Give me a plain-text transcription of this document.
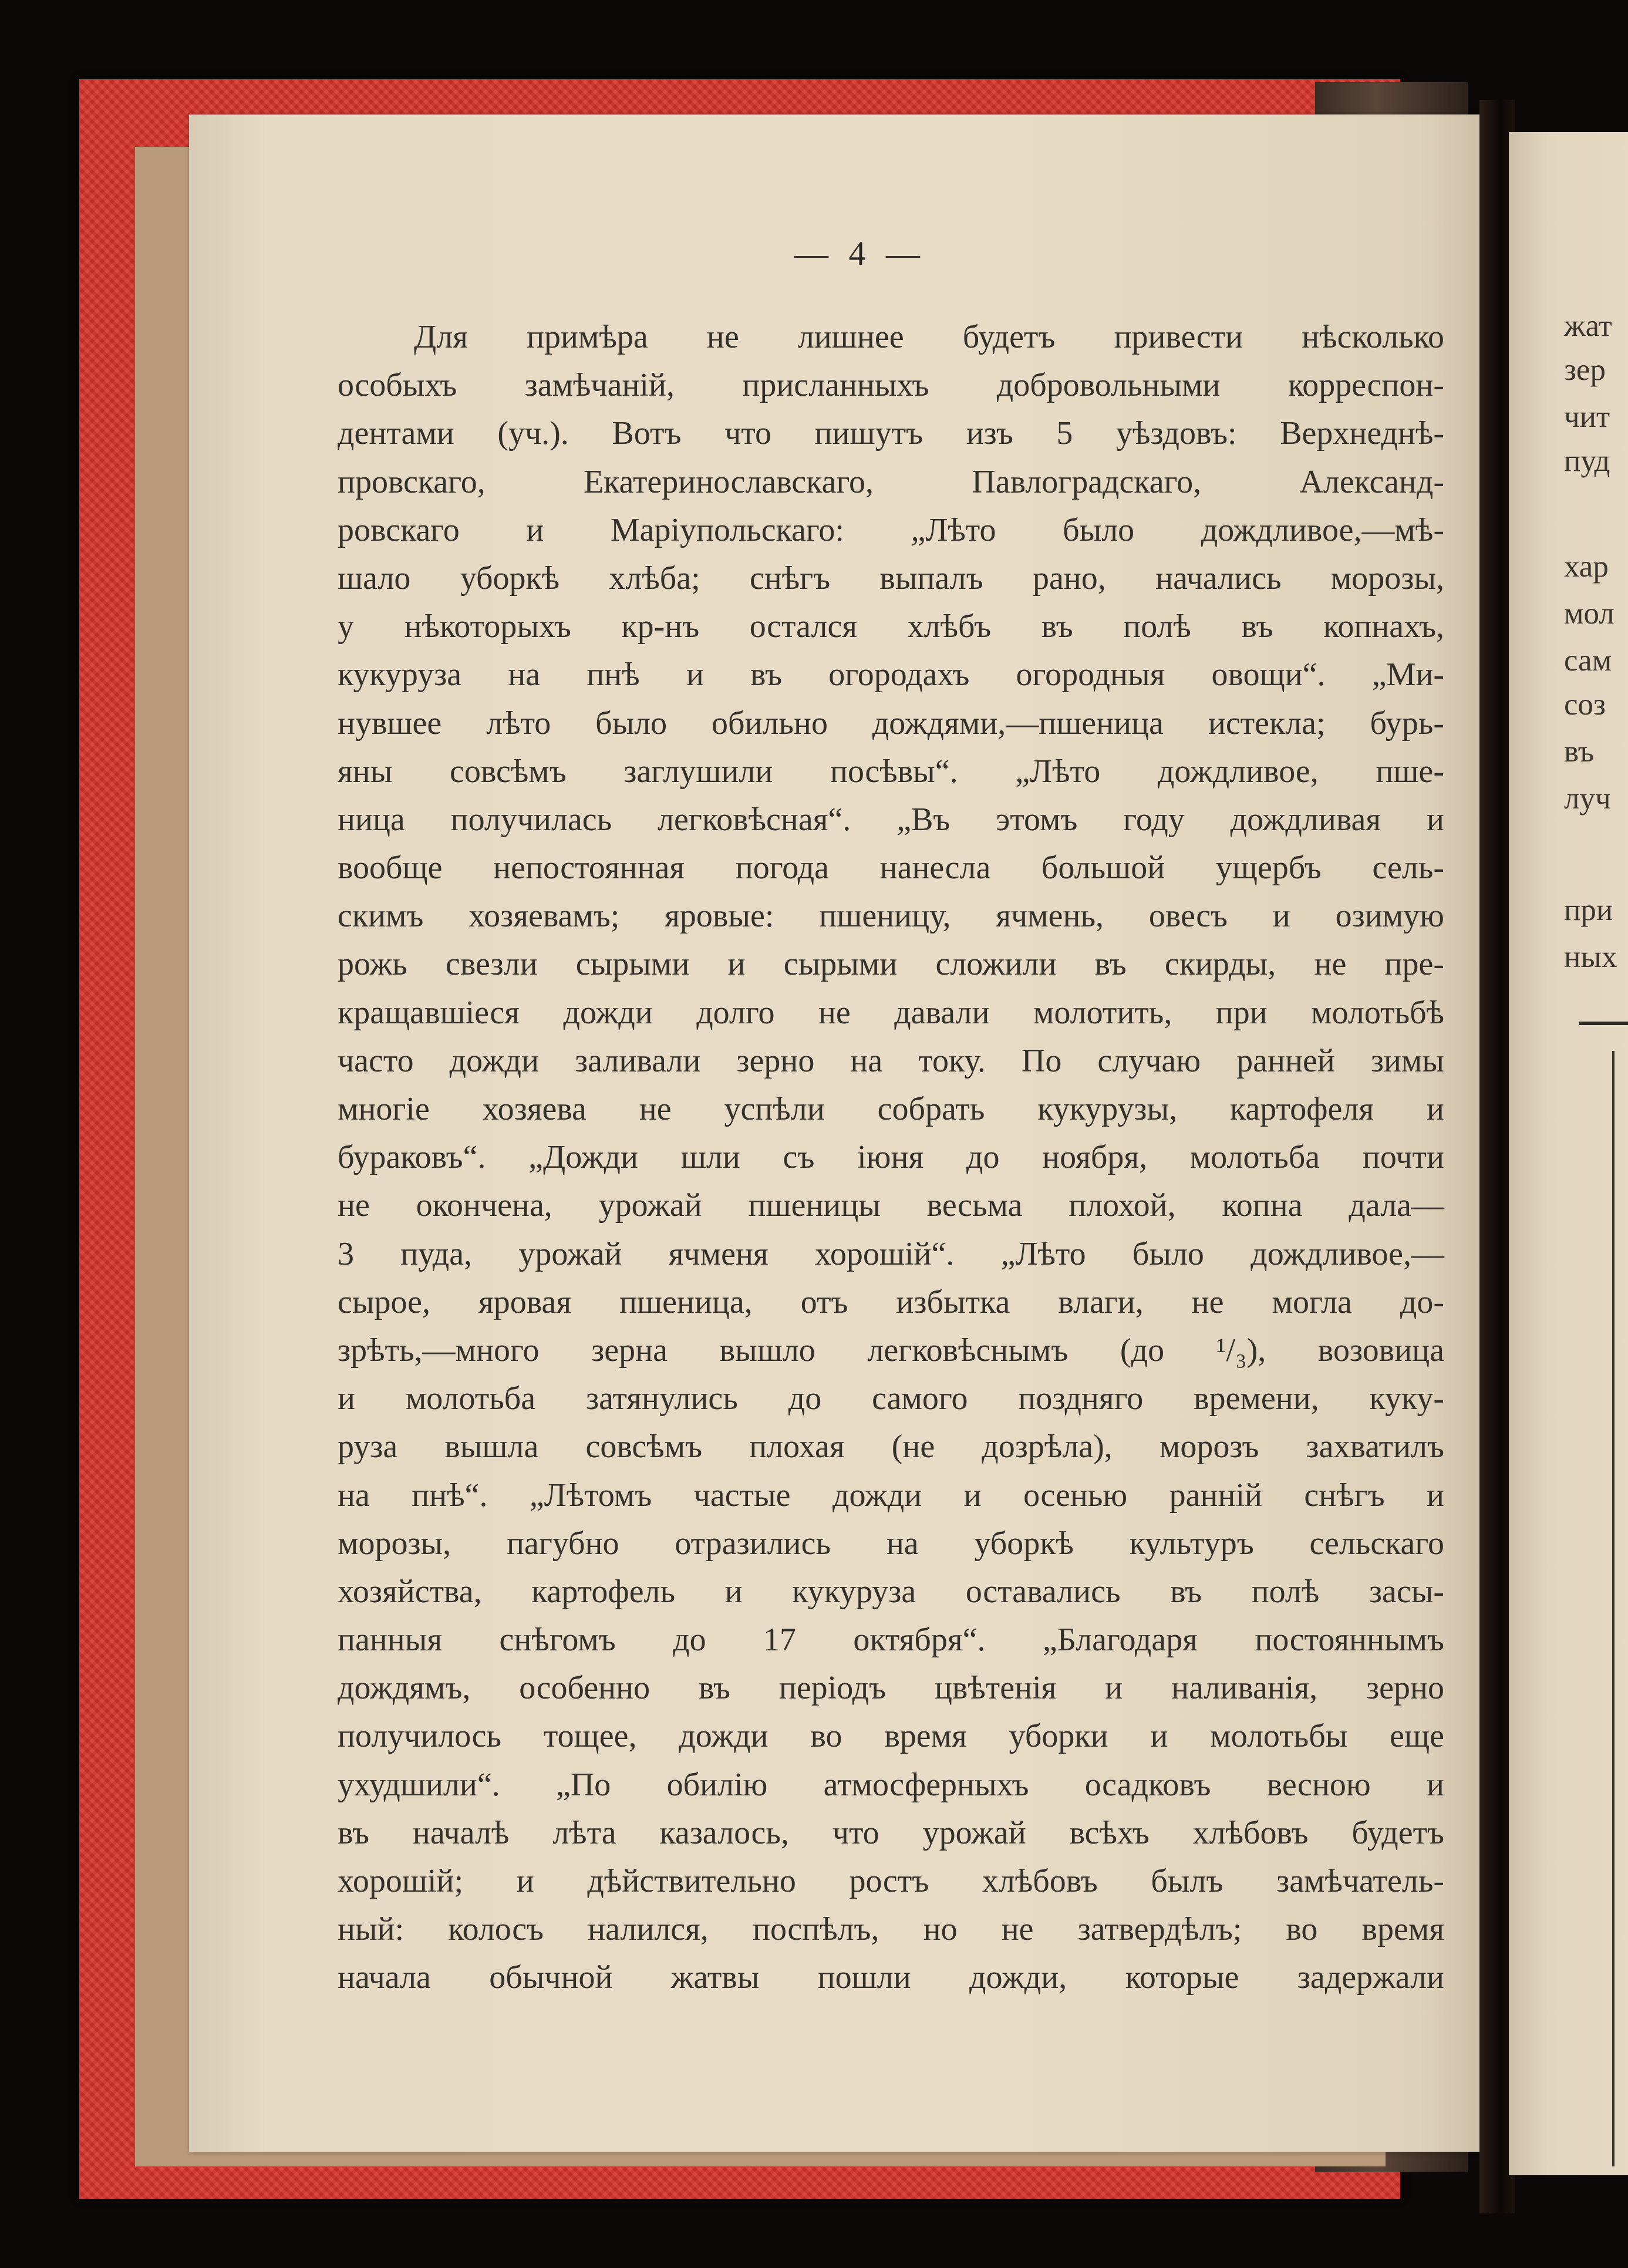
— 4 —
Для примѣра не лишнее будетъ привести нѣсколько
особыхъ замѣчаній, присланныхъ добровольными корреспон-
дентами (уч.). Вотъ что пишутъ изъ 5 уѣздовъ: Верхнеднѣ-
провскаго, Екатеринославскаго, Павлоградскаго, Александ-
ровскаго и Маріупольскаго: „Лѣто было дождливое,—мѣ-
шало уборкѣ хлѣба; снѣгъ выпалъ рано, начались морозы,
у нѣкоторыхъ кр-нъ остался хлѣбъ въ полѣ въ копнахъ,
кукуруза на пнѣ и въ огородахъ огородныя овощи“. „Ми-
нувшее лѣто было обильно дождями,—пшеница истекла; бурь-
яны совсѣмъ заглушили посѣвы“. „Лѣто дождливое, пше-
ница получилась легковѣсная“. „Въ этомъ году дождливая и
вообще непостоянная погода нанесла большой ущербъ сель-
скимъ хозяевамъ; яровые: пшеницу, ячмень, овесъ и озимую
рожь свезли сырыми и сырыми сложили въ скирды, не пре-
кращавшіеся дожди долго не давали молотить, при молотьбѣ
часто дожди заливали зерно на току. По случаю ранней зимы
многіе хозяева не успѣли собрать кукурузы, картофеля и
бураковъ“. „Дожди шли съ іюня до ноября, молотьба почти
не окончена, урожай пшеницы весьма плохой, копна дала—
3 пуда, урожай ячменя хорошій“. „Лѣто было дождливое,—
сырое, яровая пшеница, отъ избытка влаги, не могла до-
зрѣть,—много зерна вышло легковѣснымъ (до ¹/₃), возовица
и молотьба затянулись до самого поздняго времени, куку-
руза вышла совсѣмъ плохая (не дозрѣла), морозъ захватилъ
на пнѣ“. „Лѣтомъ частые дожди и осенью ранній снѣгъ и
морозы, пагубно отразились на уборкѣ культуръ сельскаго
хозяйства, картофель и кукуруза оставались въ полѣ засы-
панныя снѣгомъ до 17 октября“. „Благодаря постояннымъ
дождямъ, особенно въ періодъ цвѣтенія и наливанія, зерно
получилось тощее, дожди во время уборки и молотьбы еще
ухудшили“. „По обилію атмосферныхъ осадковъ весною и
въ началѣ лѣта казалось, что урожай всѣхъ хлѣбовъ будетъ
хорошій; и дѣйствительно ростъ хлѣбовъ былъ замѣчатель-
ный: колосъ налился, поспѣлъ, но не затвердѣлъ; во время
начала обычной жатвы пошли дожди, которые задержали
жат
зер
чит
пуд
хар
мол
сам
соз
въ
луч
при
ных
